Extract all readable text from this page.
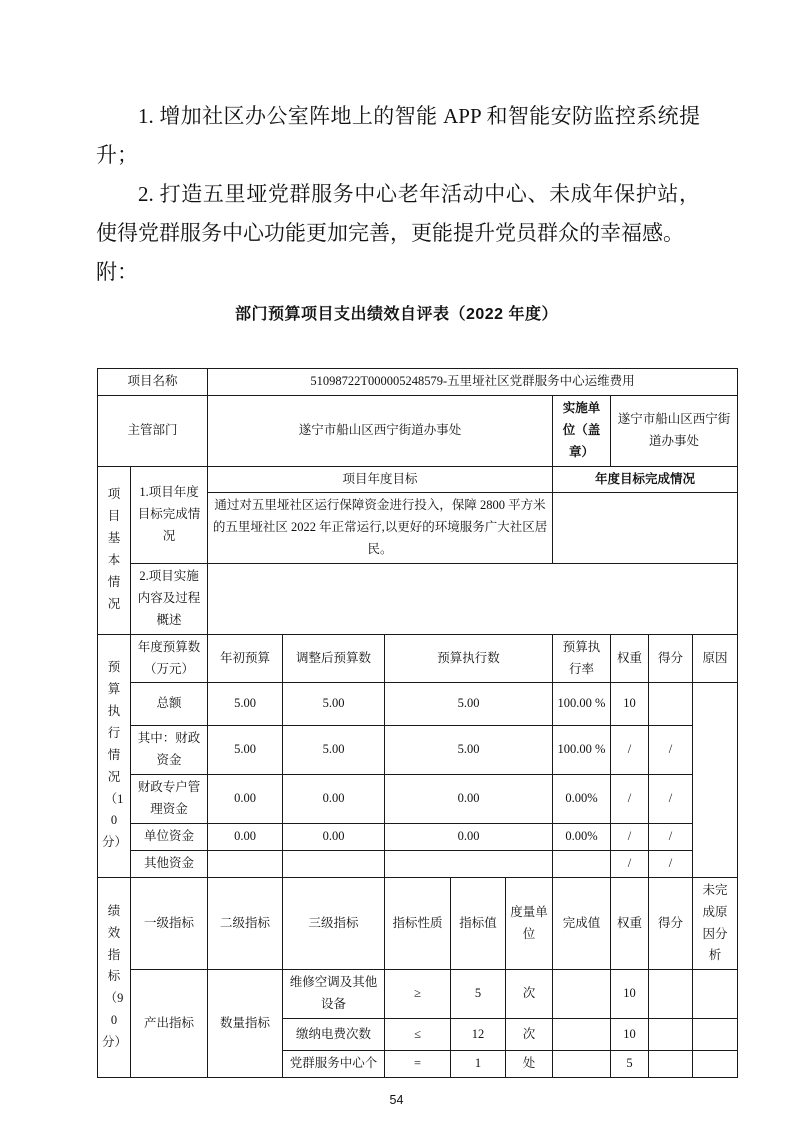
1. 增加社区办公室阵地上的智能 APP 和智能安防监控系统提升；

2. 打造五里垭党群服务中心老年活动中心、未成年保护站，使得党群服务中心功能更加完善，更能提升党员群众的幸福感。

附：

部门预算项目支出绩效自评表（2022 年度）
项目名称		51098722T000005248579-五里垭社区党群服务中心运维费用								
主管部门		遂宁市船山区西宁街道办事处					实施单位（盖章）	遂宁市船山区西宁街道办事处		
项目基本情况	1.项目年度目标完成情况	项目年度目标					年度目标完成情况			
		通过对五里垭社区运行保障资金进行投入，保障 2800 平方米的五里垭社区 2022 年正常运行,以更好的环境服务广大社区居民。								
	2.项目实施内容及过程概述									
预算执行情况（10 分）	年度预算数（万元）	年初预算	调整后预算数	预算执行数			预算执行率	权重	得分	原因
	总额	5.00	5.00	5.00			100.00 %	10		
	其中：财政资金	5.00	5.00	5.00			100.00 %	/	/	
	财政专户管理资金	0.00	0.00	0.00			0.00%	/	/	
	单位资金	0.00	0.00	0.00			0.00%	/	/	
	其他资金							/	/	
绩效指标（90 分）	一级指标	二级指标	三级指标	指标性质	指标值	度量单位	完成值	权重	得分	未完成原因分析
	产出指标	数量指标	维修空调及其他设备	≥	5	次		10		
			缴纳电费次数	≤	12	次		10		
			党群服务中心个	=	1	处		5		
54
